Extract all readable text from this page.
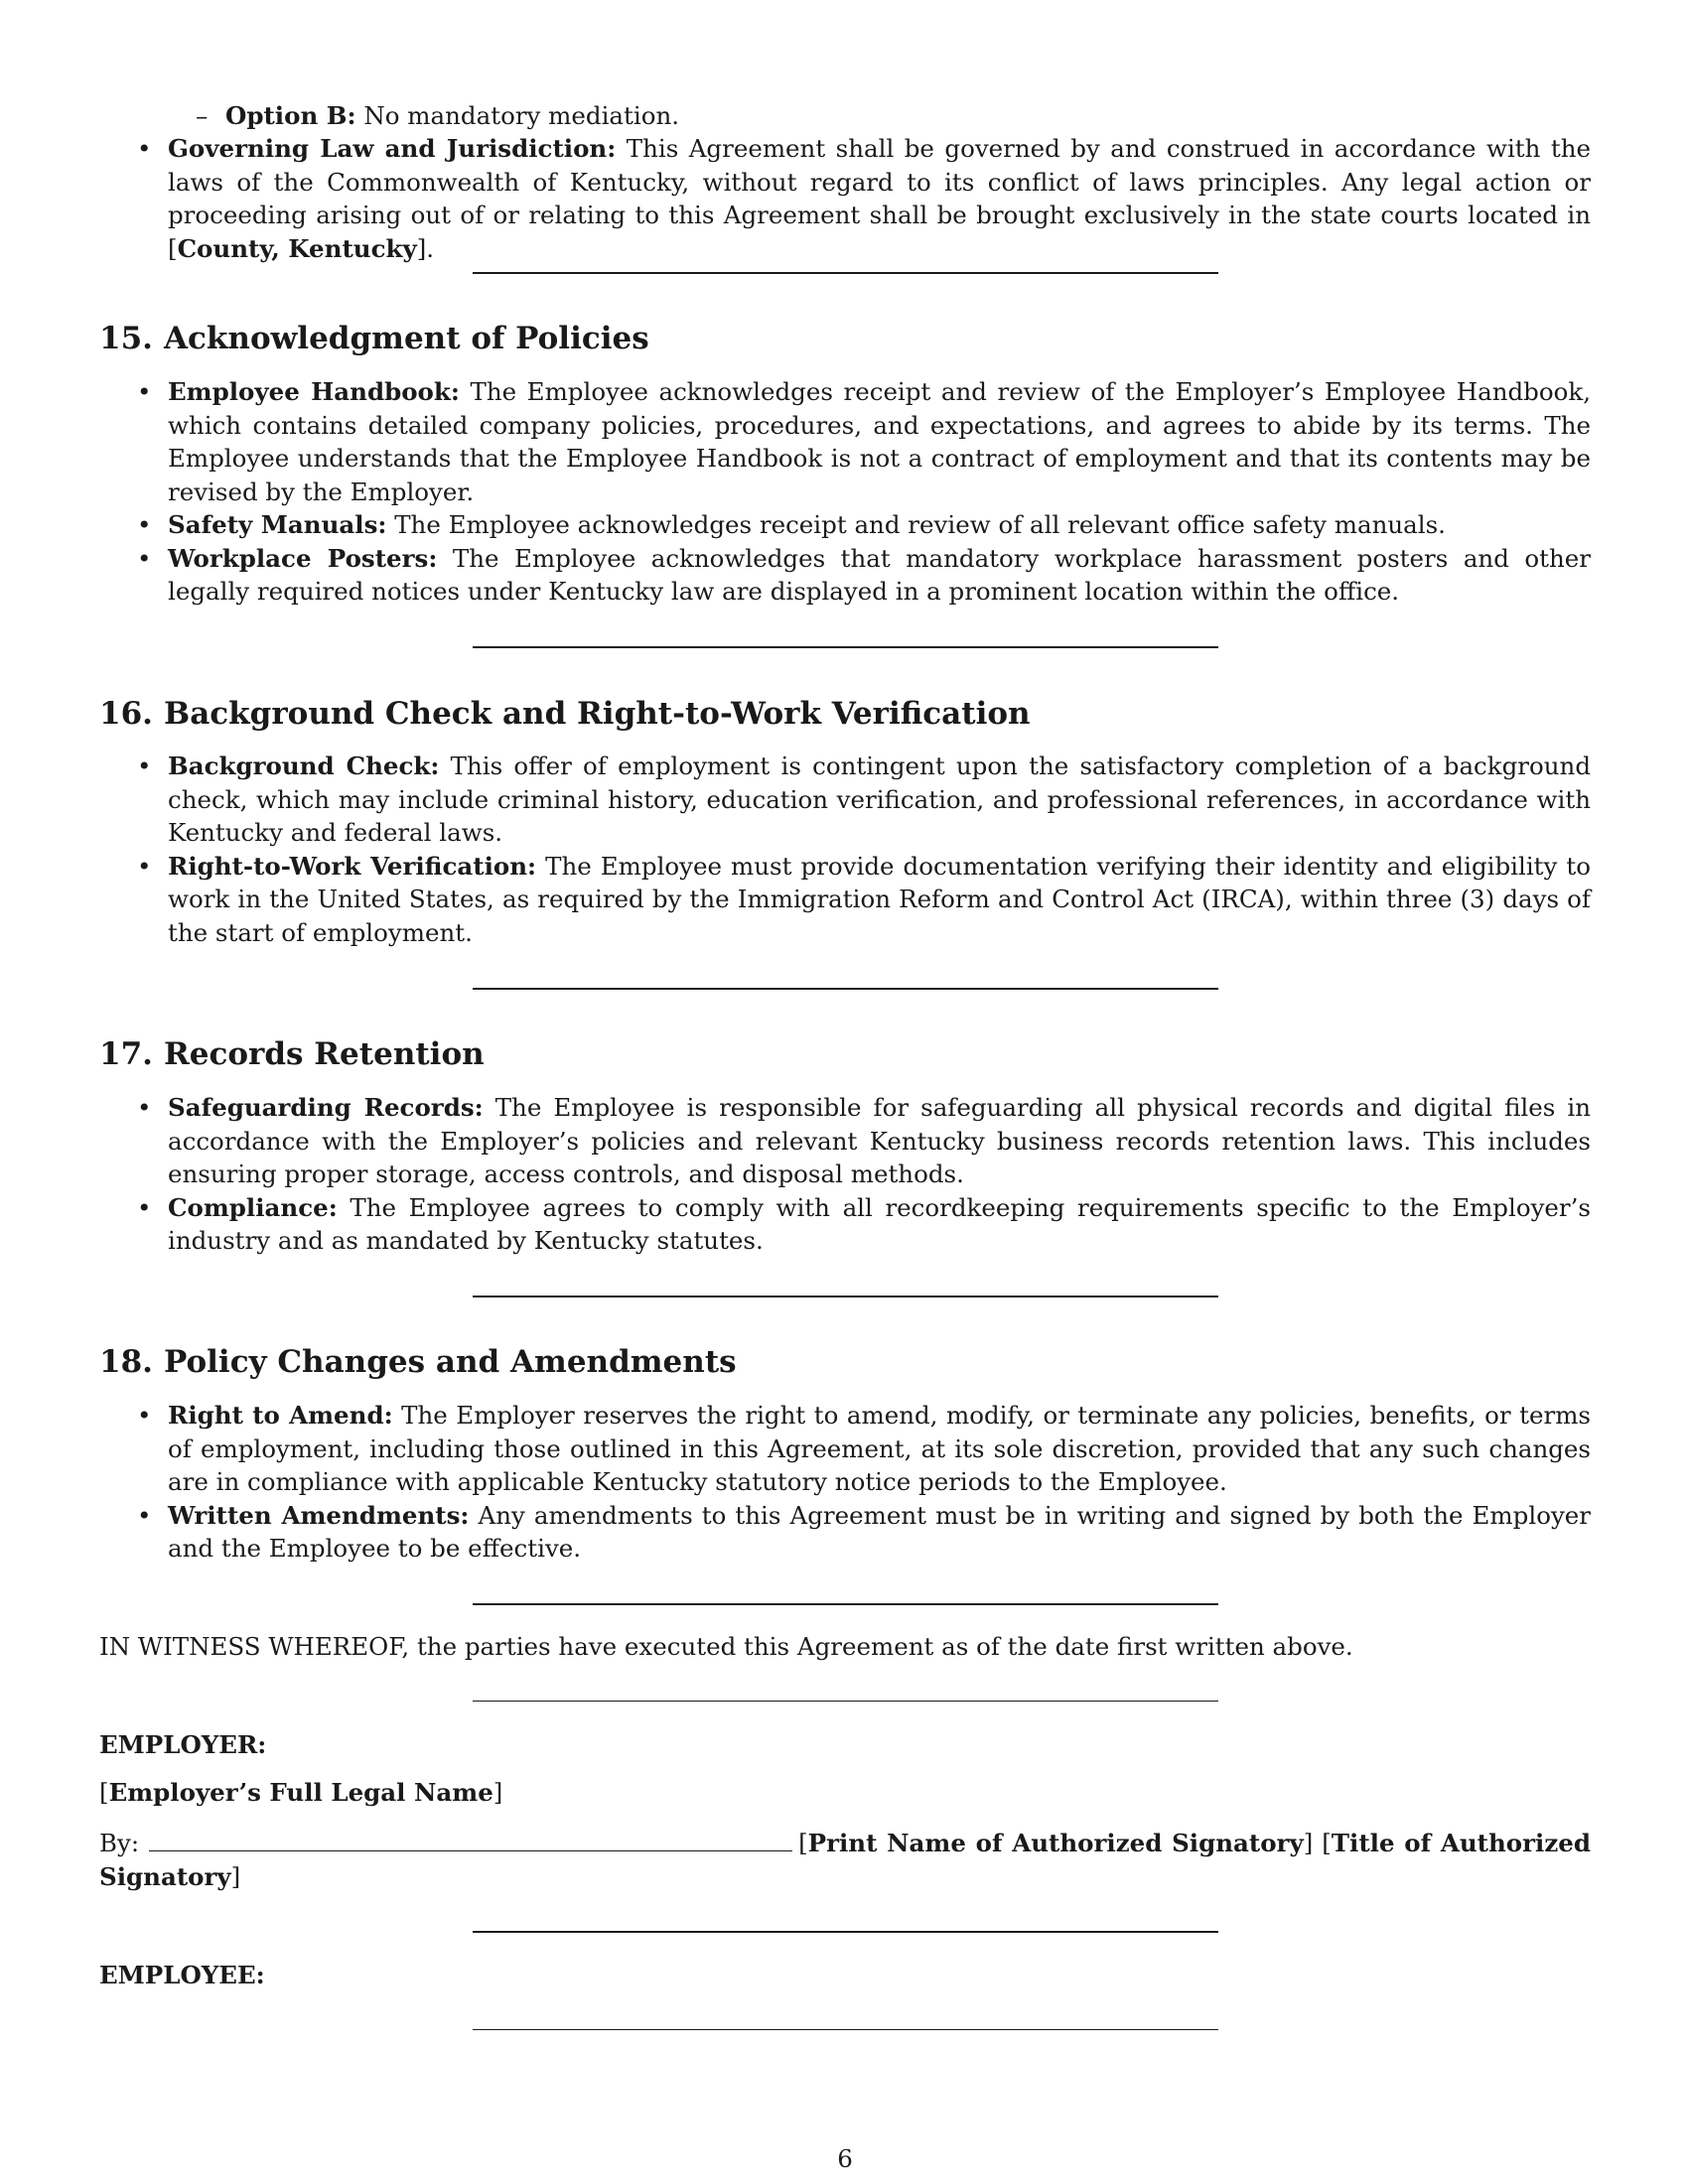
– Option B: No mandatory mediation.
• Governing Law and Jurisdiction: This Agreement shall be governed by and construed in accordance with the laws of the Commonwealth of Kentucky, without regard to its conflict of laws principles. Any legal action or proceeding arising out of or relating to this Agreement shall be brought exclusively in the state courts located in [County, Kentucky].
15. Acknowledgment of Policies
• Employee Handbook: The Employee acknowledges receipt and review of the Employer’s Employee Handbook, which contains detailed company policies, procedures, and expectations, and agrees to abide by its terms. The Employee understands that the Employee Handbook is not a contract of employment and that its contents may be revised by the Employer.
• Safety Manuals: The Employee acknowledges receipt and review of all relevant office safety manuals.
• Workplace Posters: The Employee acknowledges that mandatory workplace harassment posters and other legally required notices under Kentucky law are displayed in a prominent location within the office.
16. Background Check and Right-to-Work Verification
• Background Check: This offer of employment is contingent upon the satisfactory completion of a background check, which may include criminal history, education verification, and professional references, in accordance with Kentucky and federal laws.
• Right-to-Work Verification: The Employee must provide documentation verifying their identity and eligibility to work in the United States, as required by the Immigration Reform and Control Act (IRCA), within three (3) days of the start of employment.
17. Records Retention
• Safeguarding Records: The Employee is responsible for safeguarding all physical records and digital files in accordance with the Employer’s policies and relevant Kentucky business records retention laws. This includes ensuring proper storage, access controls, and disposal methods.
• Compliance: The Employee agrees to comply with all recordkeeping requirements specific to the Employer’s industry and as mandated by Kentucky statutes.
18. Policy Changes and Amendments
• Right to Amend: The Employer reserves the right to amend, modify, or terminate any policies, benefits, or terms of employment, including those outlined in this Agreement, at its sole discretion, provided that any such changes are in compliance with applicable Kentucky statutory notice periods to the Employee.
• Written Amendments: Any amendments to this Agreement must be in writing and signed by both the Employer and the Employee to be effective.
IN WITNESS WHEREOF, the parties have executed this Agreement as of the date first written above.
EMPLOYER:
[Employer’s Full Legal Name]
By:	[Print Name of Authorized Signatory] [Title of Authorized Signatory]
EMPLOYEE:
6
